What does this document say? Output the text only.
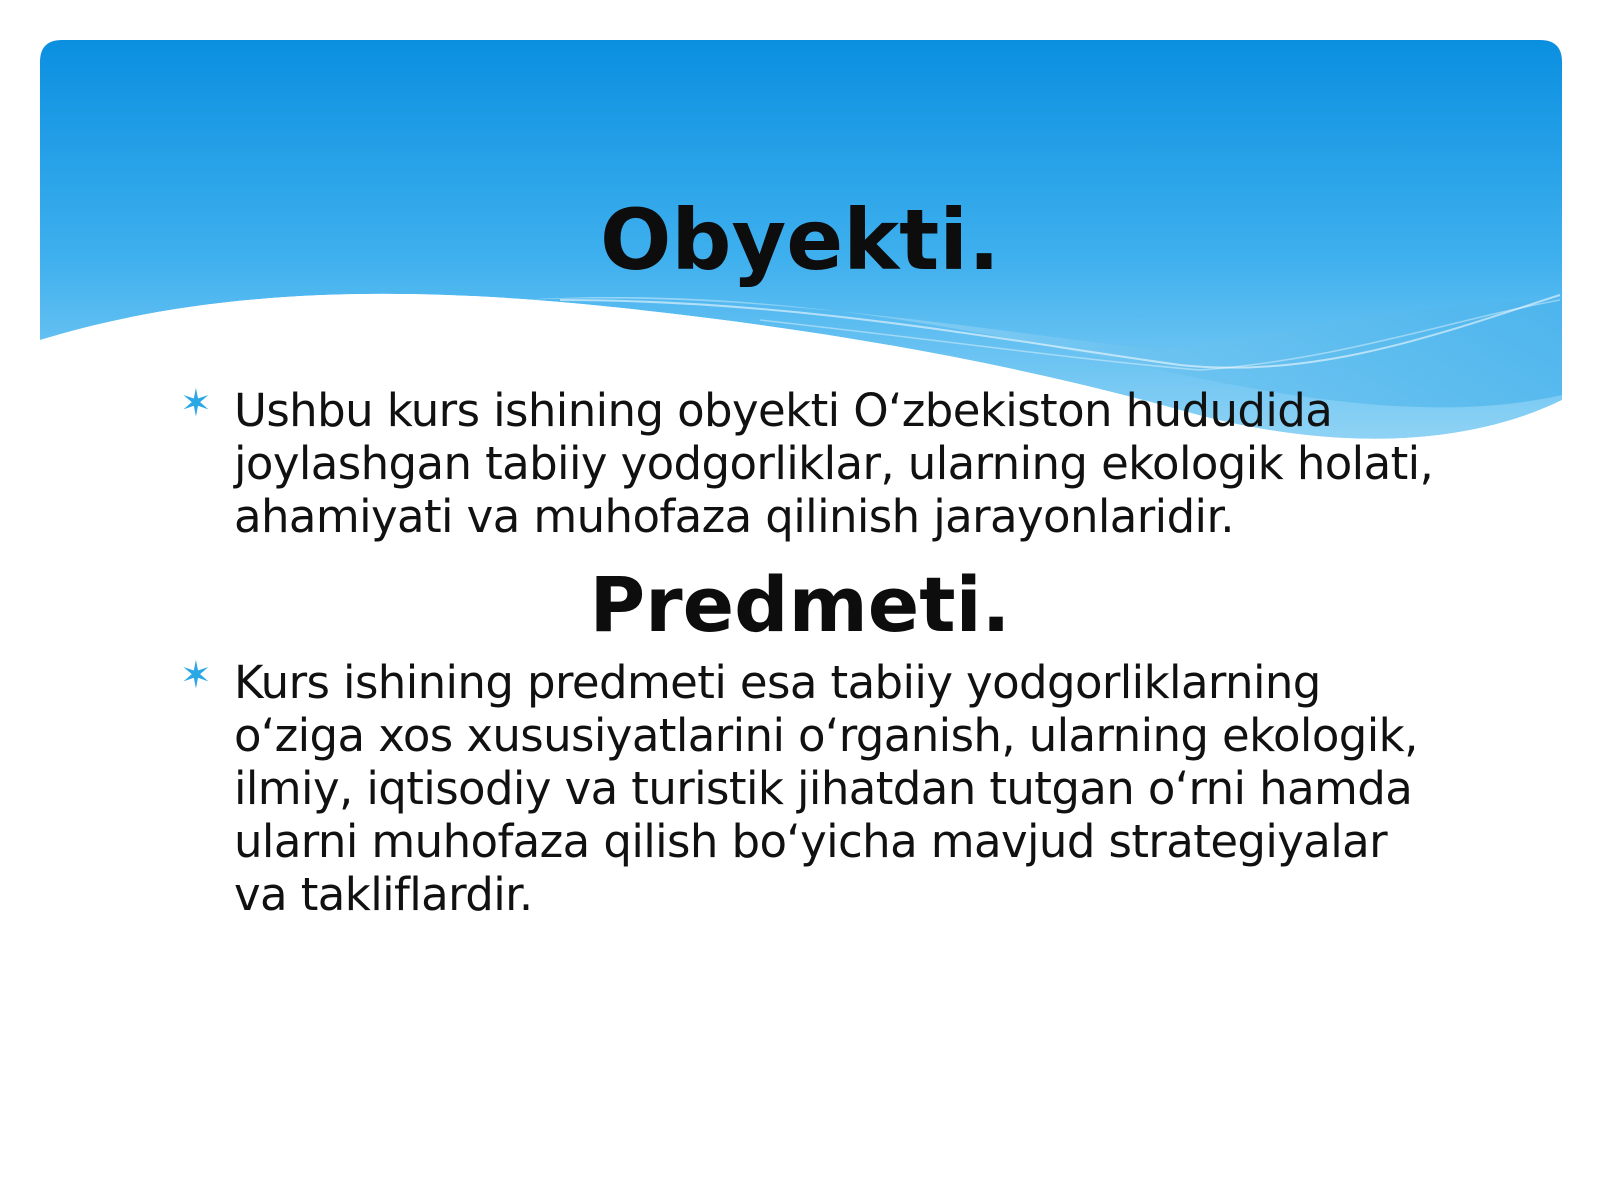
Obyekti.
✶ Ushbu kurs ishining obyekti O‘zbekiston hududida joylashgan tabiiy yodgorliklar, ularning ekologik holati, ahamiyati va muhofaza qilinish jarayonlaridir.

Predmeti.
✶ Kurs ishining predmeti esa tabiiy yodgorliklarning o‘ziga xos xususiyatlarini o‘rganish, ularning ekologik, ilmiy, iqtisodiy va turistik jihatdan tutgan o‘rni hamda ularni muhofaza qilish bo‘yicha mavjud strategiyalar va takliflardir.
